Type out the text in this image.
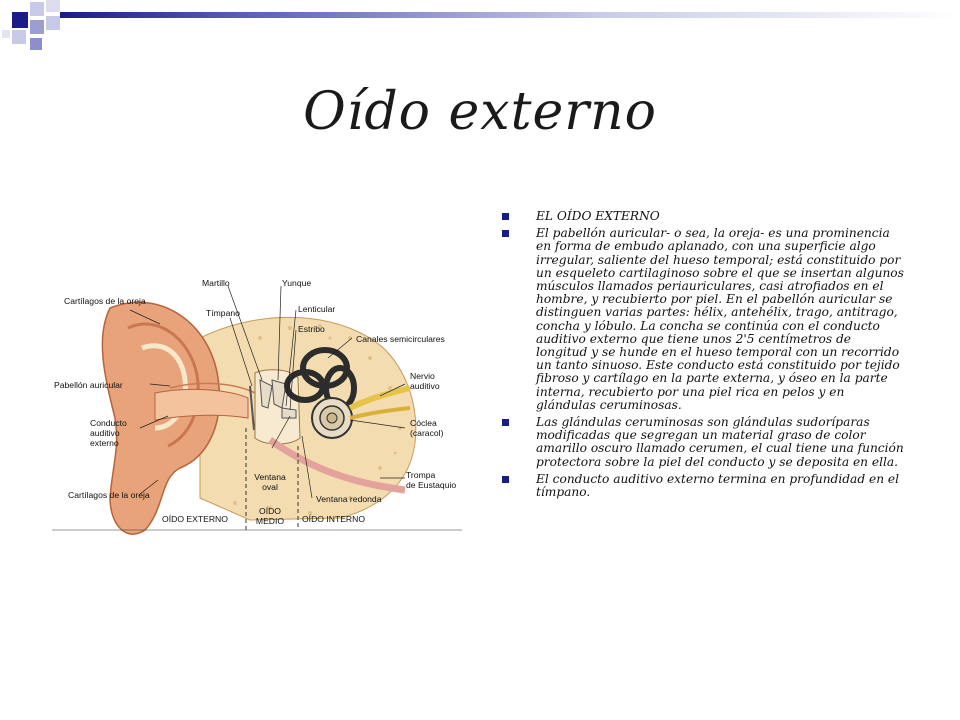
Oído externo
Martillo	Yunque
Cartílagos de la oreja
Tímpano	Lenticular
Estribo
Canales semicirculares
Pabellón auricular
Nervio
auditivo
Conducto
auditivo
externo
Cóclea
(caracol)
Ventana
oval
Trompa
de Eustaquio
Cartílagos de la oreja	Ventana redonda
OÍDO EXTERNO
OÍDO
MEDIO	OÍDO INTERNO
EL OÍDO EXTERNO
El pabellón auricular- o sea, la oreja- es una prominencia en forma de embudo aplanado, con una superficie algo irregular, saliente del hueso temporal; está constituido por un esqueleto cartilaginoso sobre el que se insertan algunos músculos llamados periauriculares, casi atrofiados en el hombre, y recubierto por piel. En el pabellón auricular se distinguen varias partes: hélix, antehélix, trago, antitrago, concha y lóbulo. La concha se continúa con el conducto auditivo externo que tiene unos 2'5 centímetros de longitud y se hunde en el hueso temporal con un recorrido un tanto sinuoso. Este conducto está constituido por tejido fibroso y cartílago en la parte externa, y óseo en la parte interna, recubierto por una piel rica en pelos y en glándulas ceruminosas.
Las glándulas ceruminosas son glándulas sudoríparas modificadas que segregan un material graso de color amarillo oscuro llamado cerumen, el cual tiene una función protectora sobre la piel del conducto y se deposita en ella.
El conducto auditivo externo termina en profundidad en el tímpano.
